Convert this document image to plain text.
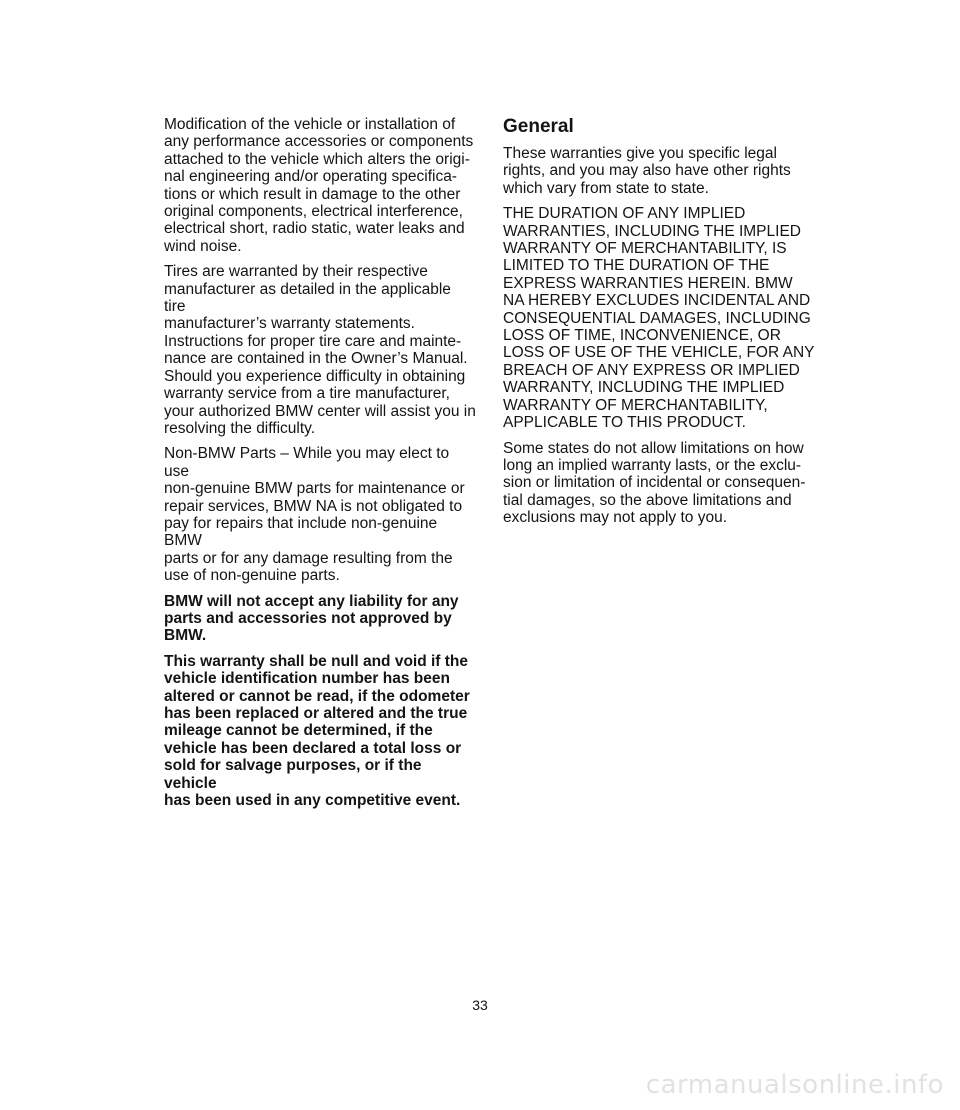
Modification of the vehicle or installation of
any performance accessories or components
attached to the vehicle which alters the origi-
nal engineering and/or operating specifica-
tions or which result in damage to the other
original components, electrical interference,
electrical short, radio static, water leaks and
wind noise.

Tires are warranted by their respective
manufacturer as detailed in the applicable tire
manufacturer’s warranty statements.
Instructions for proper tire care and mainte-
nance are contained in the Owner’s Manual.
Should you experience difficulty in obtaining
warranty service from a tire manufacturer,
your authorized BMW center will assist you in
resolving the difficulty.

Non-BMW Parts – While you may elect to use
non-genuine BMW parts for maintenance or
repair services, BMW NA is not obligated to
pay for repairs that include non-genuine BMW
parts or for any damage resulting from the
use of non-genuine parts.

BMW will not accept any liability for any
parts and accessories not approved by
BMW.

This warranty shall be null and void if the
vehicle identification number has been
altered or cannot be read, if the odometer
has been replaced or altered and the true
mileage cannot be determined, if the
vehicle has been declared a total loss or
sold for salvage purposes, or if the vehicle
has been used in any competitive event.

General

These warranties give you specific legal
rights, and you may also have other rights
which vary from state to state.

THE DURATION OF ANY IMPLIED
WARRANTIES, INCLUDING THE IMPLIED
WARRANTY OF MERCHANTABILITY, IS
LIMITED TO THE DURATION OF THE
EXPRESS WARRANTIES HEREIN. BMW
NA HEREBY EXCLUDES INCIDENTAL AND
CONSEQUENTIAL DAMAGES, INCLUDING
LOSS OF TIME, INCONVENIENCE, OR
LOSS OF USE OF THE VEHICLE, FOR ANY
BREACH OF ANY EXPRESS OR IMPLIED
WARRANTY, INCLUDING THE IMPLIED
WARRANTY OF MERCHANTABILITY,
APPLICABLE TO THIS PRODUCT.

Some states do not allow limitations on how
long an implied warranty lasts, or the exclu-
sion or limitation of incidental or consequen-
tial damages, so the above limitations and
exclusions may not apply to you.

33
carmanualsonline.info
